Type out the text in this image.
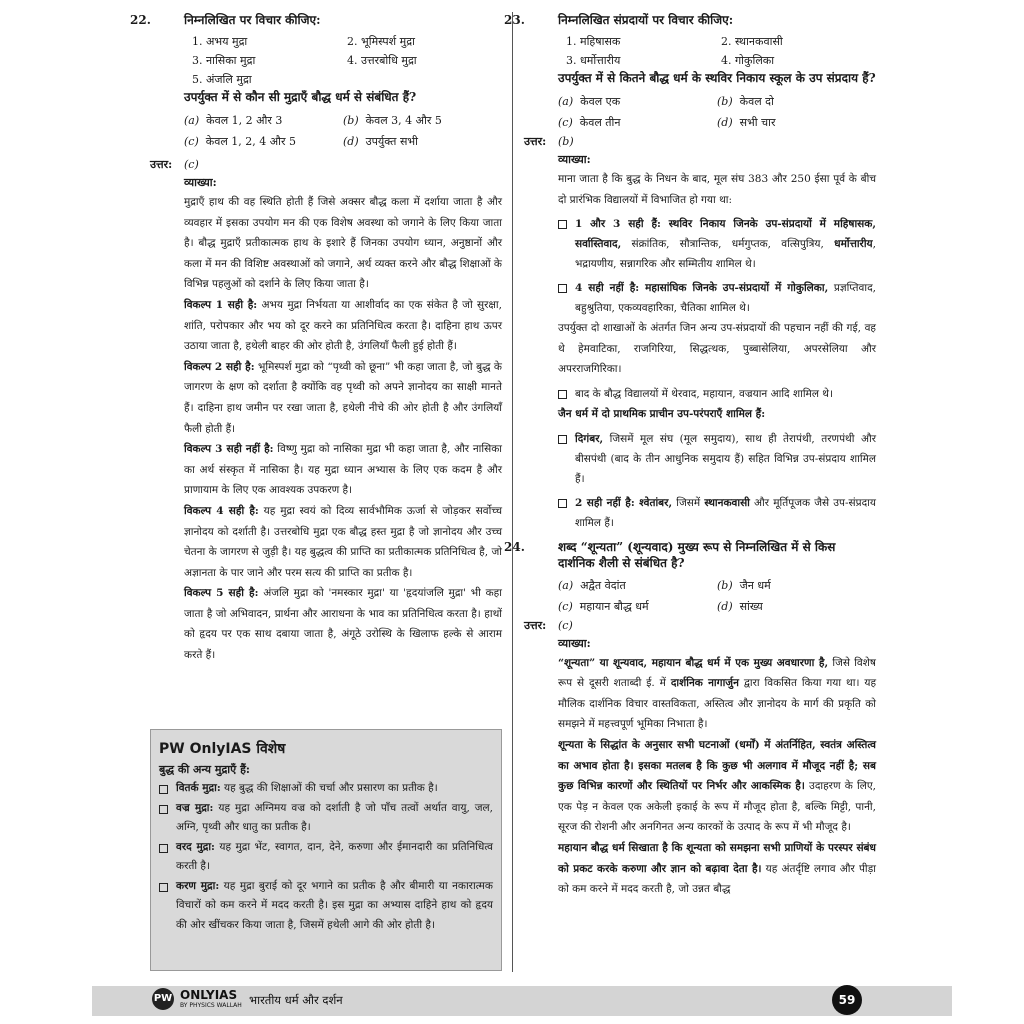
22.	निम्नलिखित पर विचार कीजिए:
1. अभय मुद्रा	2. भूमिस्पर्श मुद्रा
3. नासिका मुद्रा	4. उत्तरबोधि मुद्रा
5. अंजलि मुद्रा
उपर्युक्त में से कौन सी मुद्राएँ बौद्ध धर्म से संबंधित हैं?
(a) केवल 1, 2 और 3	(b) केवल 3, 4 और 5
(c) केवल 1, 2, 4 और 5	(d) उपर्युक्त सभी
उत्तर: (c)
व्याख्या:
मुद्राएँ हाथ की वह स्थिति होती हैं जिसे अक्सर बौद्ध कला में दर्शाया जाता है और व्यवहार में इसका उपयोग मन की एक विशेष अवस्था को जगाने के लिए किया जाता है। बौद्ध मुद्राएँ प्रतीकात्मक हाथ के इशारे हैं जिनका उपयोग ध्यान, अनुष्ठानों और कला में मन की विशिष्ट अवस्थाओं को जगाने, अर्थ व्यक्त करने और बौद्ध शिक्षाओं के विभिन्न पहलुओं को दर्शाने के लिए किया जाता है।
विकल्प 1 सही है: अभय मुद्रा निर्भयता या आशीर्वाद का एक संकेत है जो सुरक्षा, शांति, परोपकार और भय को दूर करने का प्रतिनिधित्व करता है। दाहिना हाथ ऊपर उठाया जाता है, हथेली बाहर की ओर होती है, उंगलियाँ फैली हुई होती हैं।
विकल्प 2 सही है: भूमिस्पर्श मुद्रा को “पृथ्वी को छूना” भी कहा जाता है, जो बुद्ध के जागरण के क्षण को दर्शाता है क्योंकि वह पृथ्वी को अपने ज्ञानोदय का साक्षी मानते हैं। दाहिना हाथ जमीन पर रखा जाता है, हथेली नीचे की ओर होती है और उंगलियाँ फैली होती हैं।
विकल्प 3 सही नहीं है: विष्णु मुद्रा को नासिका मुद्रा भी कहा जाता है, और नासिका का अर्थ संस्कृत में नासिका है। यह मुद्रा ध्यान अभ्यास के लिए एक कदम है और प्राणायाम के लिए एक आवश्यक उपकरण है।
विकल्प 4 सही है: यह मुद्रा स्वयं को दिव्य सार्वभौमिक ऊर्जा से जोड़कर सर्वोच्च ज्ञानोदय को दर्शाती है। उत्तरबोधि मुद्रा एक बौद्ध हस्त मुद्रा है जो ज्ञानोदय और उच्च चेतना के जागरण से जुड़ी है। यह बुद्धत्व की प्राप्ति का प्रतीकात्मक प्रतिनिधित्व है, जो अज्ञानता के पार जाने और परम सत्य की प्राप्ति का प्रतीक है।
विकल्प 5 सही है: अंजलि मुद्रा को 'नमस्कार मुद्रा' या 'हृदयांजलि मुद्रा' भी कहा जाता है जो अभिवादन, प्रार्थना और आराधना के भाव का प्रतिनिधित्व करता है। हाथों को हृदय पर एक साथ दबाया जाता है, अंगूठे उरोस्थि के खिलाफ हल्के से आराम करते हैं।
PW OnlyIAS विशेष
बुद्ध की अन्य मुद्राएँ हैं:
वितर्क मुद्रा: यह बुद्ध की शिक्षाओं की चर्चा और प्रसारण का प्रतीक है।
वज्र मुद्रा: यह मुद्रा अग्निमय वज्र को दर्शाती है जो पाँच तत्वों अर्थात वायु, जल, अग्नि, पृथ्वी और धातु का प्रतीक है।
वरद मुद्रा: यह मुद्रा भेंट, स्वागत, दान, देने, करुणा और ईमानदारी का प्रतिनिधित्व करती है।
करण मुद्रा: यह मुद्रा बुराई को दूर भगाने का प्रतीक है और बीमारी या नकारात्मक विचारों को कम करने में मदद करती है। इस मुद्रा का अभ्यास दाहिने हाथ को हृदय की ओर खींचकर किया जाता है, जिसमें हथेली आगे की ओर होती है।
23.	निम्नलिखित संप्रदायों पर विचार कीजिए:
1. महिषासक	2. स्थानकवासी
3. धर्मोत्तारीय	4. गोकुलिका
उपर्युक्त में से कितने बौद्ध धर्म के स्थविर निकाय स्कूल के उप संप्रदाय हैं?
(a) केवल एक	(b) केवल दो
(c) केवल तीन	(d) सभी चार
उत्तर: (b)
व्याख्या:
माना जाता है कि बुद्ध के निधन के बाद, मूल संघ 383 और 250 ईसा पूर्व के बीच दो प्रारंभिक विद्यालयों में विभाजित हो गया था:
1 और 3 सही हैं: स्थविर निकाय जिनके उप-संप्रदायों में महिषासक, सर्वास्तिवाद, संक्रांतिक, सौत्रान्तिक, धर्मगुप्तक, वत्सिपुत्रिय, धर्मोत्तारीय, भद्रायणीय, सन्नागरिक और सम्मितीय शामिल थे।
4 सही नहीं है: महासांघिक जिनके उप-संप्रदायों में गोकुलिका, प्रज्ञप्तिवाद, बहुश्रुतिया, एकव्यवहारिका, चैतिका शामिल थे।
उपर्युक्त दो शाखाओं के अंतर्गत जिन अन्य उप-संप्रदायों की पहचान नहीं की गई, वह थे हेमवाटिका, राजगिरिया, सिद्धत्थक, पुब्बासेलिया, अपरसेलिया और अपरराजगिरिका।
बाद के बौद्ध विद्यालयों में थेरवाद, महायान, वज्रयान आदि शामिल थे।
जैन धर्म में दो प्राथमिक प्राचीन उप-परंपराएँ शामिल हैं:
दिगंबर, जिसमें मूल संघ (मूल समुदाय), साथ ही तेरापंथी, तरणपंथी और बीसपंथी (बाद के तीन आधुनिक समुदाय हैं) सहित विभिन्न उप-संप्रदाय शामिल हैं।
2 सही नहीं है: श्वेतांबर, जिसमें स्थानकवासी और मूर्तिपूजक जैसे उप-संप्रदाय शामिल हैं।
24.	शब्द “शून्यता” (शून्यवाद) मुख्य रूप से निम्नलिखित में से किस दार्शनिक शैली से संबंधित है?
(a) अद्वैत वेदांत	(b) जैन धर्म
(c) महायान बौद्ध धर्म	(d) सांख्य
उत्तर: (c)
व्याख्या:
“शून्यता” या शून्यवाद, महायान बौद्ध धर्म में एक मुख्य अवधारणा है, जिसे विशेष रूप से दूसरी शताब्दी ई. में दार्शनिक नागार्जुन द्वारा विकसित किया गया था। यह मौलिक दार्शनिक विचार वास्तविकता, अस्तित्व और ज्ञानोदय के मार्ग की प्रकृति को समझने में महत्त्वपूर्ण भूमिका निभाता है।
शून्यता के सिद्धांत के अनुसार सभी घटनाओं (धर्मों) में अंतर्निहित, स्वतंत्र अस्तित्व का अभाव होता है। इसका मतलब है कि कुछ भी अलगाव में मौजूद नहीं है; सब कुछ विभिन्न कारणों और स्थितियों पर निर्भर और आकस्मिक है। उदाहरण के लिए, एक पेड़ न केवल एक अकेली इकाई के रूप में मौजूद होता है, बल्कि मिट्टी, पानी, सूरज की रोशनी और अनगिनत अन्य कारकों के उत्पाद के रूप में भी मौजूद है।
महायान बौद्ध धर्म सिखाता है कि शून्यता को समझना सभी प्राणियों के परस्पर संबंध को प्रकट करके करुणा और ज्ञान को बढ़ावा देता है। यह अंतर्दृष्टि लगाव और पीड़ा को कम करने में मदद करती है, जो उन्नत बौद्ध
PW ONLYIAS
BY PHYSICS WALLAH भारतीय धर्म और दर्शन	59
